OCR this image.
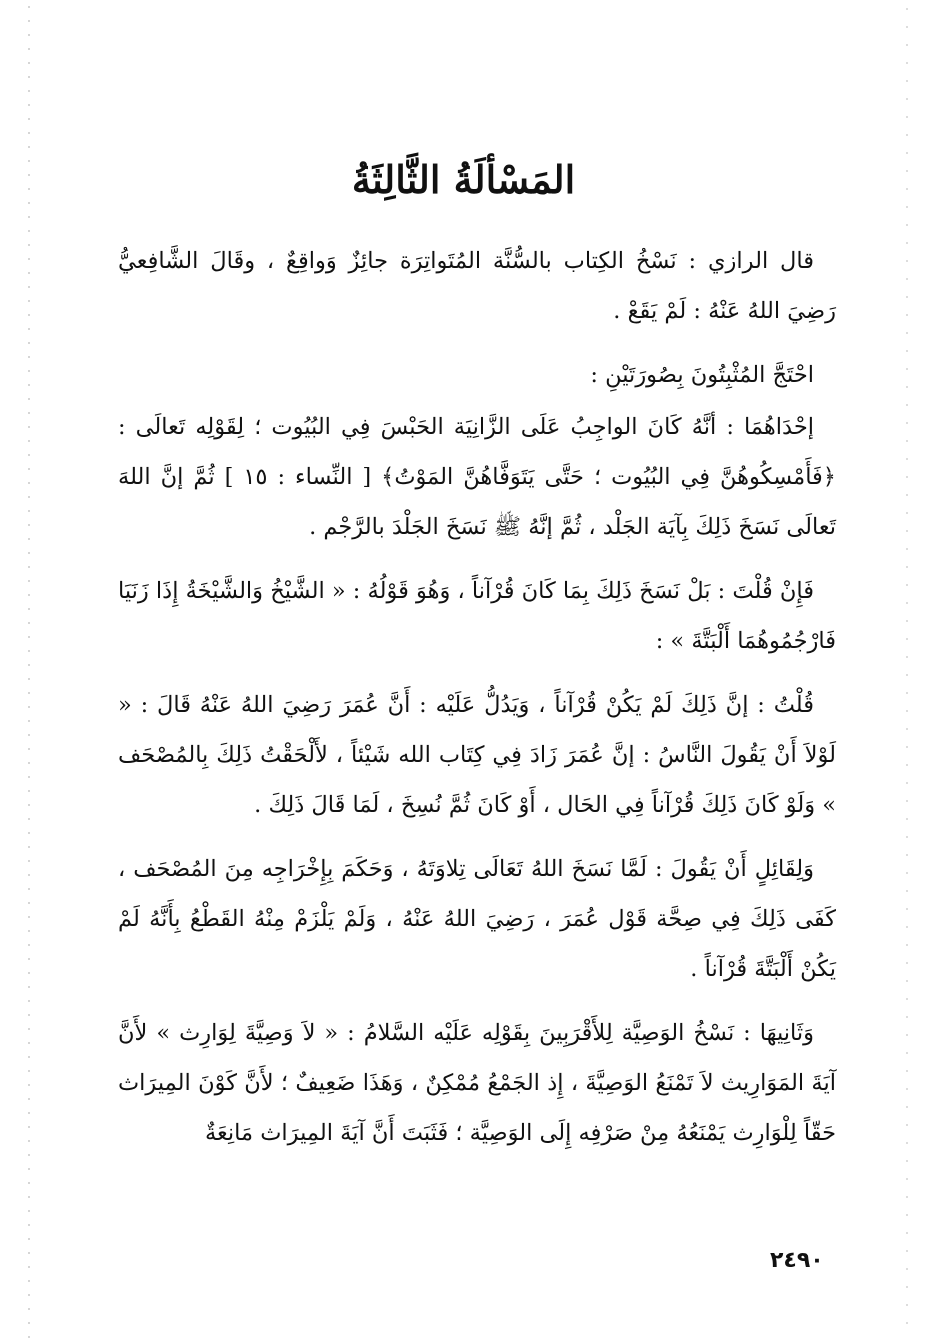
المَسْألَةُ الثَّالِثَةُ

قال الرازي : نَسْخُ الكِتاب بالسُّنَّة المُتَواتِرَة جائِزٌ وَواقِعٌ ، وقَالَ الشَّافِعيُّ رَضِيَ اللهُ عَنْهُ : لَمْ يَقَعْ .

احْتَجَّ المُثْبِتُونَ بِصُورَتَيْنِ :

إحْدَاهُمَا : أنَّهُ كَانَ الواجِبُ عَلَى الزَّانِيَة الحَبْسَ فِي البُيُوت ؛ لِقَوْلِه تَعالَى : ﴿فَأَمْسِكُوهُنَّ فِي البُيُوت ؛ حَتَّى يَتَوَفَّاهُنَّ المَوْتُ﴾ [ النِّساء : ١٥ ] ثُمَّ إنَّ اللهَ تَعالَى نَسَخَ ذَلِكَ بِآيَة الجَلْد ، ثُمَّ إنَّهُ ﷺ نَسَخَ الجَلْدَ بالرَّجْم .

فَإِنْ قُلْتَ : بَلْ نَسَخَ ذَلِكَ بِمَا كَانَ قُرْآناً ، وَهُوَ قَوْلُهُ : « الشَّيْخُ وَالشَّيْخَةُ إِذَا زَنَيَا فَارْجُمُوهُمَا أَلْبَتَّةَ » :

قُلْتُ : إنَّ ذَلِكَ لَمْ يَكُنْ قُرْآناً ، وَيَدُلُّ عَلَيْه : أَنَّ عُمَرَ رَضِيَ اللهُ عَنْهُ قَالَ : « لَوْلاَ أَنْ يَقُولَ النَّاسُ : إنَّ عُمَرَ زَادَ فِي كِتَاب الله شَيْئاً ، لأَلْحَقْتُ ذَلِكَ بِالمُصْحَف » وَلَوْ كَانَ ذَلِكَ قُرْآناً فِي الحَال ، أَوْ كَانَ ثُمَّ نُسِخَ ، لَمَا قَالَ ذَلِكَ .

وَلِقَائِلٍ أَنْ يَقُولَ : لَمَّا نَسَخَ اللهُ تَعَالَى تِلاوَتَهُ ، وَحَكَمَ بِإِخْرَاجِه مِنَ المُصْحَف ، كَفَى ذَلِكَ فِي صِحَّة قَوْل عُمَرَ ، رَضِيَ اللهُ عَنْهُ ، وَلَمْ يَلْزَمْ مِنْهُ القَطْعُ بِأَنَّهُ لَمْ يَكُنْ أَلْبَتَّةَ قُرْآناً .

وَثَانِيهَا : نَسْخُ الوَصِيَّة لِلأَقْرَبِينَ بِقَوْلِه عَلَيْه السَّلامُ : « لاَ وَصِيَّةَ لِوَارِث » لأَنَّ آيَةَ المَوَارِيث لاَ تَمْنَعُ الوَصِيَّةَ ، إِذ الجَمْعُ مُمْكِنٌ ، وَهَذَا ضَعِيفٌ ؛ لأَنَّ كَوْنَ المِيرَاث حَقّاً لِلْوَارِث يَمْنَعُهُ مِنْ صَرْفِه إِلَى الوَصِيَّة ؛ فَثَبَتَ أَنَّ آيَةَ المِيرَاث مَانِعَةٌ

٢٤٩٠
